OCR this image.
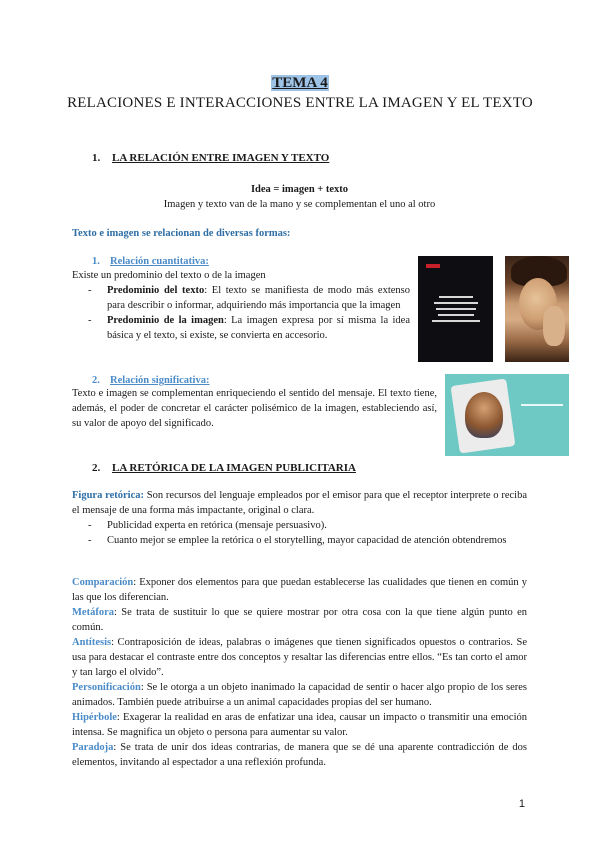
TEMA 4
RELACIONES E INTERACCIONES ENTRE LA IMAGEN Y EL TEXTO
1. LA RELACIÓN ENTRE IMAGEN Y TEXTO
Idea = imagen + texto
Imagen y texto van de la mano y se complementan el uno al otro
Texto e imagen se relacionan de diversas formas:
1. Relación cuantitativa:
Existe un predominio del texto o de la imagen
-	Predominio del texto: El texto se manifiesta de modo más extenso para describir o informar, adquiriendo más importancia que la imagen
-	Predominio de la imagen: La imagen expresa por sí misma la idea básica y el texto, si existe, se convierta en accesorio.
2. Relación significativa:
Texto e imagen se complementan enriqueciendo el sentido del mensaje. El texto tiene, además, el poder de concretar el carácter polisémico de la imagen, estableciendo así, su valor de apoyo del significado.
2. LA RETÓRICA DE LA IMAGEN PUBLICITARIA
Figura retórica: Son recursos del lenguaje empleados por el emisor para que el receptor interprete o reciba el mensaje de una forma más impactante, original o clara.
-	Publicidad experta en retórica (mensaje persuasivo).
-	Cuanto mejor se emplee la retórica o el storytelling, mayor capacidad de atención obtendremos
Comparación: Exponer dos elementos para que puedan establecerse las cualidades que tienen en común y las que los diferencian.
Metáfora: Se trata de sustituir lo que se quiere mostrar por otra cosa con la que tiene algún punto en común.
Antítesis: Contraposición de ideas, palabras o imágenes que tienen significados opuestos o contrarios. Se usa para destacar el contraste entre dos conceptos y resaltar las diferencias entre ellos. “Es tan corto el amor y tan largo el olvido”.
Personificación: Se le otorga a un objeto inanimado la capacidad de sentir o hacer algo propio de los seres animados. También puede atribuirse a un animal capacidades propias del ser humano.
Hipérbole: Exagerar la realidad en aras de enfatizar una idea, causar un impacto o transmitir una emoción intensa. Se magnifica un objeto o persona para aumentar su valor.
Paradoja: Se trata de unir dos ideas contrarias, de manera que se dé una aparente contradicción de dos elementos, invitando al espectador a una reflexión profunda.
1
